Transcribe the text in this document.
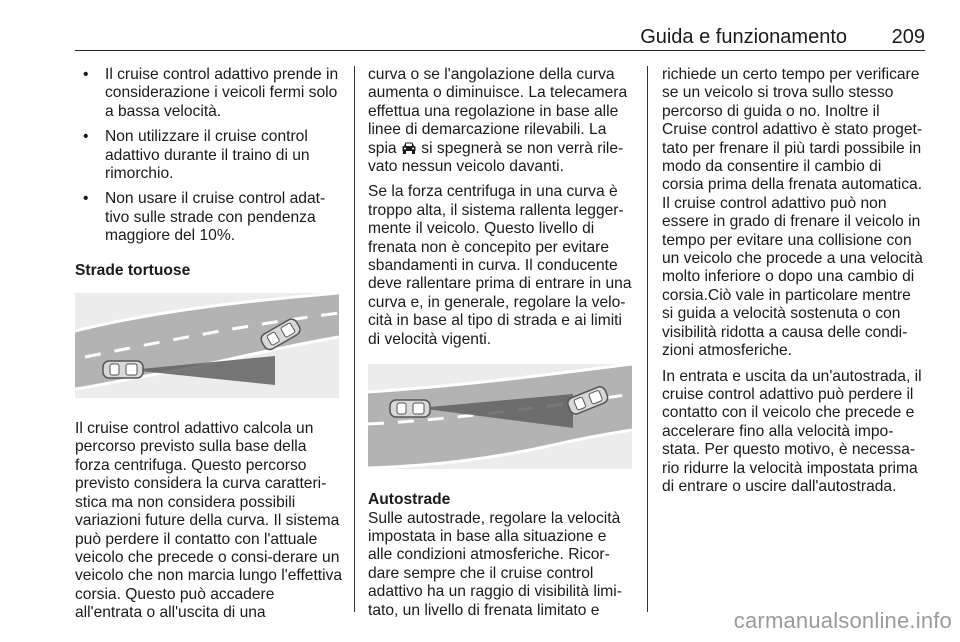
Guida e funzionamento 209
• Il cruise control adattivo prende in considerazione i veicoli fermi solo a bassa velocità.
• Non utilizzare il cruise control adattivo durante il traino di un rimorchio.
• Non usare il cruise control adat-tivo sulle strade con pendenza maggiore del 10%.

Strade tortuose

Il cruise control adattivo calcola un percorso previsto sulla base della forza centrifuga. Questo percorso previsto considera la curva caratteri-stica ma non considera possibili variazioni future della curva. Il sistema può perdere il contatto con l'attuale veicolo che precede o consi-derare un veicolo che non marcia lungo l'effettiva corsia. Questo può accadere all'entrata o all'uscita di una

curva o se l'angolazione della curva aumenta o diminuisce. La telecamera effettua una regolazione in base alle linee di demarcazione rilevabili. La spia si spegnerà se non verrà rile-vato nessun veicolo davanti.

Se la forza centrifuga in una curva è troppo alta, il sistema rallenta legger-mente il veicolo. Questo livello di frenata non è concepito per evitare sbandamenti in curva. Il conducente deve rallentare prima di entrare in una curva e, in generale, regolare la velo-cità in base al tipo di strada e ai limiti di velocità vigenti.

Autostrade

Sulle autostrade, regolare la velocità impostata in base alla situazione e alle condizioni atmosferiche. Ricor-dare sempre che il cruise control adattivo ha un raggio di visibilità limi-tato, un livello di frenata limitato e

richiede un certo tempo per verificare se un veicolo si trova sullo stesso percorso di guida o no. Inoltre il Cruise control adattivo è stato proget-tato per frenare il più tardi possibile in modo da consentire il cambio di corsia prima della frenata automatica. Il cruise control adattivo può non essere in grado di frenare il veicolo in tempo per evitare una collisione con un veicolo che procede a una velocità molto inferiore o dopo una cambio di corsia.Ciò vale in particolare mentre si guida a velocità sostenuta o con visibilità ridotta a causa delle condi-zioni atmosferiche.

In entrata e uscita da un'autostrada, il cruise control adattivo può perdere il contatto con il veicolo che precede e accelerare fino alla velocità impo-stata. Per questo motivo, è necessa-rio ridurre la velocità impostata prima di entrare o uscire dall'autostrada.

carmanualsonline.info
